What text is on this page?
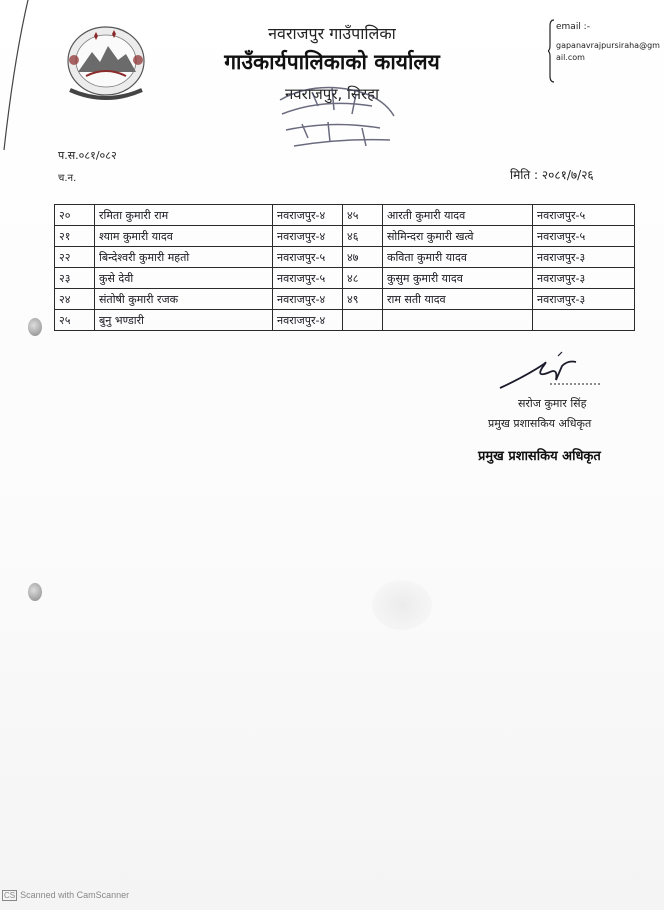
नवराजपुर गाउँपालिका
गाउँकार्यपालिकाको कार्यालय
नवराजपुर, सिरहा
email :-
gapanavrajpursiraha@gmail.com
प.स.०८१/०८२
च.न.	मिति : २०८१/७/२६
२०	रमिता कुमारी राम	नवराजपुर-४	४५	आरती कुमारी यादव	नवराजपुर-५
२१	श्याम कुमारी यादव	नवराजपुर-४	४६	सोमिन्दरा कुमारी खत्वे	नवराजपुर-५
२२	बिन्देश्वरी कुमारी महतो	नवराजपुर-५	४७	कविता कुमारी यादव	नवराजपुर-३
२३	कुसे देवी	नवराजपुर-५	४८	कुसुम कुमारी यादव	नवराजपुर-३
२४	संतोषी कुमारी रजक	नवराजपुर-४	४९	राम सती यादव	नवराजपुर-३
२५	बुनु भण्डारी	नवराजपुर-४			
सरोज कुमार सिंह
प्रमुख प्रशासकिय अधिकृत
प्रमुख प्रशासकिय अधिकृत
CS Scanned with CamScanner
